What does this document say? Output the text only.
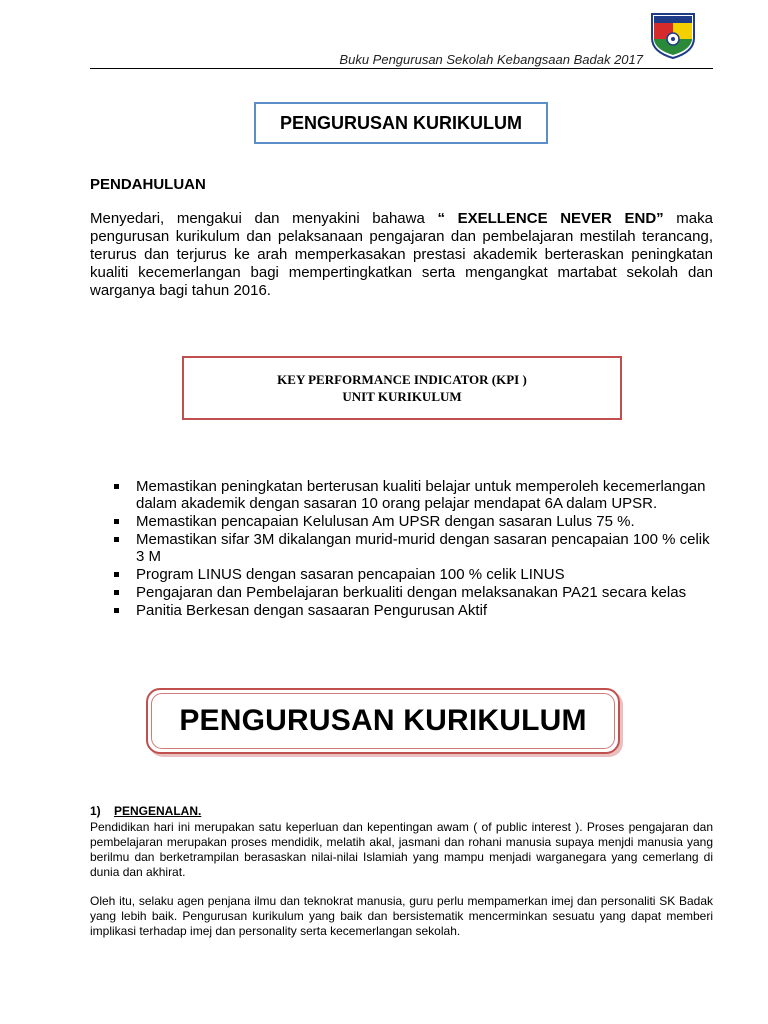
Buku Pengurusan Sekolah Kebangsaan Badak 2017
PENGURUSAN KURIKULUM
PENDAHULUAN

Menyedari, mengakui dan menyakini bahawa “ EXELLENCE NEVER END” maka pengurusan kurikulum dan pelaksanaan pengajaran dan pembelajaran mestilah terancang, terurus dan terjurus ke arah memperkasakan prestasi akademik berteraskan peningkatan kualiti kecemerlangan bagi mempertingkatkan serta mengangkat martabat sekolah dan warganya bagi tahun 2016.

KEY PERFORMANCE INDICATOR (KPI )
UNIT KURIKULUM
Memastikan peningkatan berterusan kualiti belajar untuk memperoleh kecemerlangan dalam akademik dengan sasaran 10 orang pelajar mendapat 6A dalam UPSR.
Memastikan pencapaian Kelulusan Am UPSR dengan sasaran Lulus 75 %.
Memastikan sifar 3M dikalangan murid-murid dengan sasaran pencapaian 100 % celik 3 M
Program LINUS dengan sasaran pencapaian 100 % celik LINUS
Pengajaran dan Pembelajaran berkualiti dengan melaksanakan PA21 secara kelas
Panitia Berkesan dengan sasaaran Pengurusan Aktif
PENGURUSAN KURIKULUM
1) PENGENALAN.

Pendidikan hari ini merupakan satu keperluan dan kepentingan awam ( of public interest ). Proses pengajaran dan pembelajaran merupakan proses mendidik, melatih akal, jasmani dan rohani manusia supaya menjdi manusia yang berilmu dan berketrampilan berasaskan nilai-nilai Islamiah yang mampu menjadi warganegara yang cemerlang di dunia dan akhirat.

Oleh itu, selaku agen penjana ilmu dan teknokrat manusia, guru perlu mempamerkan imej dan personaliti SK Badak yang lebih baik. Pengurusan kurikulum yang baik dan bersistematik mencerminkan sesuatu yang dapat memberi implikasi terhadap imej dan personality serta kecemerlangan sekolah.
